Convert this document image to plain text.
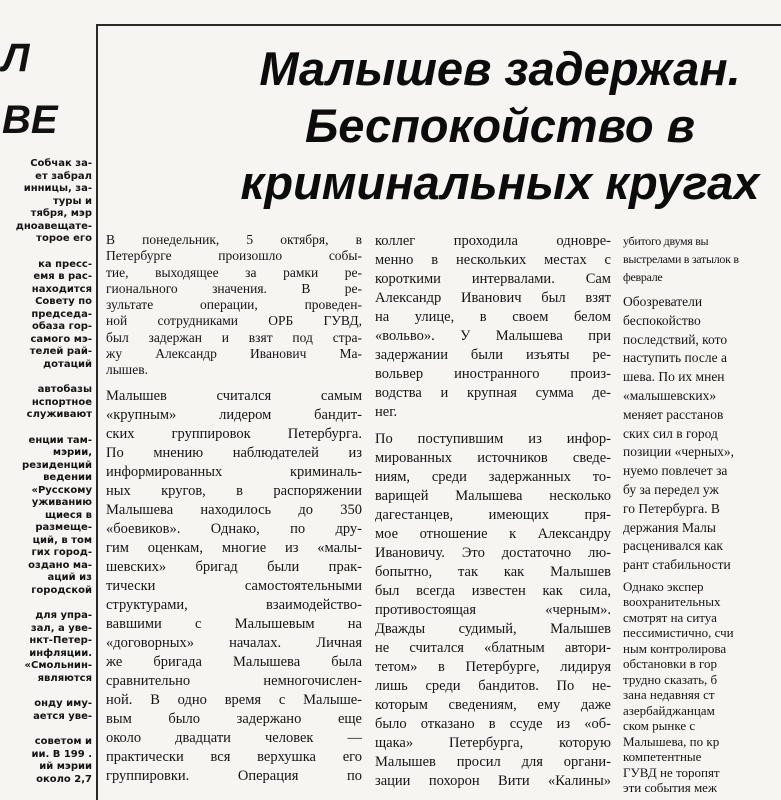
Л
ВЕ
Собчак за-
ет забрал
инницы, за-
туры и
тября, мэр
дноавещате-
торое его
ка пресс-
емя в рас-
находится
Совету по
председа-
обаза гор-
самого мэ-
телей рай-
дотаций
автобазы
нспортное
служивают
енции там-
мэрии,
резиденций
ведении
«Русскому
уживанию
щиеся в
размеще-
ций, в том
гих город-
оздано ма-
аций из
городской
для упра-
зал, а уве-
нкт-Петер-
инфляции.
«Смольнин-
являются
онду иму-
ается уве-
советом и
ии. В 199 .
ий мэрии
около 2,7
Малышев задержан.
Беспокойство в
криминальных кругах
В понедельник, 5 октября, в
Петербурге произошло собы-
тие, выходящее за рамки ре-
гионального значения. В ре-
зультате операции, проведен-
ной сотрудниками ОРБ ГУВД,
был задержан и взят под стра-
жу Александр Иванович Ма-
лышев.
Малышев считался самым
«крупным» лидером бандит-
ских группировок Петербурга.
По мнению наблюдателей из
информированных криминаль-
ных кругов, в распоряжении
Малышева находилось до 350
«боевиков». Однако, по дру-
гим оценкам, многие из «малы-
шевских» бригад были прак-
тически самостоятельными
структурами, взаимодейство-
вавшими с Малышевым на
«договорных» началах. Личная
же бригада Малышева была
сравнительно немногочислен-
ной. В одно время с Малыше-
вым было задержано еще
около двадцати человек —
практически вся верхушка его
группировки. Операция по
коллег проходила одновре-
менно в нескольких местах с
короткими интервалами. Сам
Александр Иванович был взят
на улице, в своем белом
«вольво». У Малышева при
задержании были изъяты ре-
вольвер иностранного произ-
водства и крупная сумма де-
нег.
По поступившим из инфор-
мированных источников сведе-
ниям, среди задержанных то-
варищей Малышева несколько
дагестанцев, имеющих пря-
мое отношение к Александру
Ивановичу. Это достаточно лю-
бопытно, так как Малышев
был всегда известен как сила,
противостоящая «черным».
Дважды судимый, Малышев
не считался «блатным автори-
тетом» в Петербурге, лидируя
лишь среди бандитов. По не-
которым сведениям, ему даже
было отказано в ссуде из «об-
щака» Петербурга, которую
Малышев просил для органи-
зации похорон Вити «Калины»
убитого двумя вы
выстрелами в затылок в феврале
Обозреватели
беспокойство
последствий, кото
наступить после а
шева. По их мнен
«малышевских»
меняет расстанов
ских сил в город
позиции «черных»,
нуемо повлечет за
бу за передел уж
го Петербурга. В
держания Малы
расценивался как
рант стабильности
Однако экспер
воохранительных
смотрят на ситуа
пессимистично, счи
ным контролирова
обстановки в гор
трудно сказать, б
зана недавняя ст
азербайджанцам
ском рынке с
Малышева, по кр
компетентные
ГУВД не торопят
эти события меж
